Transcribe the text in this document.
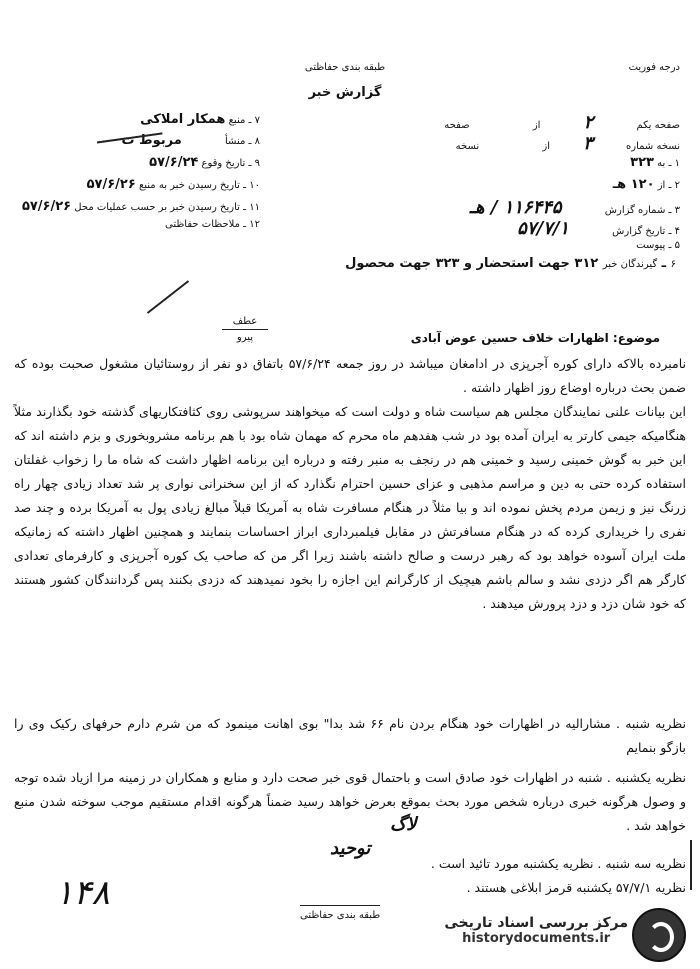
طبقه بندی حفاظتی
گزارش خبر
درجه فوریت
۷ ـ منبع همکار املاکی
۸ ـ منشأ مربوط ت
۹ ـ تاریخ وقوع ۵۷/۶/۲۴
۱۰ ـ تاریخ رسیدن خبر به منبع ۵۷/۶/۲۶
۱۱ ـ تاریخ رسیدن خبر بر حسب عملیات محل ۵۷/۶/۲۶
۱۲ ـ ملاحظات حفاظتی
صفحه یکم ۲ از صفحه
نسخه شماره ۳ از نسخه
۱ ـ به ۳۲۳
۲ ـ از ۱۲۰ هـ
۳ ـ شماره گزارش ۱۱۶۴۴۵ / هـ
۴ ـ تاریخ گزارش ۵۷/۷/۱
۵ ـ پیوست
۶ ـ گیرندگان خبر ۳۱۲ جهت استحضار و ۳۲۳ جهت محصول
عطف
پیرو	موضوع: اظهارات خلاف حسین عوض آبادی
نامبرده بالاکه دارای کوره آجرپزی در ادامغان میباشد در روز جمعه ۵۷/۶/۲۴ باتفاق دو نفر از روستائیان مشغول صحبت بوده که ضمن بحث درباره اوضاع روز اظهار داشته .
این بیانات علنی نمایندگان مجلس هم سیاست شاه و دولت است که میخواهند سرپوشی روی کثافتکاریهای گذشته خود بگذارند مثلاً هنگامیکه جیمی کارتر به ایران آمده بود در شب هفدهم ماه محرم که مهمان شاه بود با هم برنامه مشروبخوری و بزم داشته اند که این خبر به گوش خمینی رسید و خمینی هم در رنجف به منبر رفته و درباره این برنامه اظهار داشت که شاه ما را زخواب غفلتان استفاده کرده حتی به دین و مراسم مذهبی و عزای حسین احترام نگذارد که از این سخنرانی نواری پر شد تعداد زیادی چهار راه زرنگ نیز و زیمن مردم پخش نموده اند و بیا مثلاً در هنگام مسافرت شاه به آمریکا قبلاً مبالغ زیادی پول به آمریکا برده و چند صد نفری را خریداری کرده که در هنگام مسافرتش در مقابل فیلمبرداری ابراز احساسات بنمایند و همچنین اظهار داشته که زمانیکه ملت ایران آسوده خواهد بود که رهبر درست و صالح داشته باشند زیرا اگر من که صاحب یک کوره آجرپزی و کارفرمای تعدادی کارگر هم اگر دزدی نشد و سالم باشم هیچیک از کارگرانم این اجازه را بخود نمیدهند که دزدی بکنند پس گردانندگان کشور هستند که خود شان دزد و دزد پرورش میدهند .
نظریه شنبه . مشارالیه در اظهارات خود هنگام بردن نام ۶۶ شد بدا" بوی اهانت مینمود که من شرم دارم حرفهای رکیک وی را بازگو بنمایم
نظریه یکشنبه . شنبه در اظهارات خود صادق است و باحتمال قوی خبر صحت دارد و منابع و همکاران در زمینه مرا ازیاد شده توجه و وصول هرگونه خبری درباره شخص مورد بحث بموقع بعرض خواهد رسید ضمناً هرگونه اقدام مستقیم موجب سوخته شدن منبع خواهد شد .
نظریه سه شنبه . نظریه یکشنبه مورد تائید است .
نظریه ۵۷/۷/۱ یکشنبه قرمز ابلاغی هستند .
لاگ
توحید
۱۴۸
طبقه بندی حفاظتی	مرکز بررسی اسناد تاریخی
historydocuments.ir
